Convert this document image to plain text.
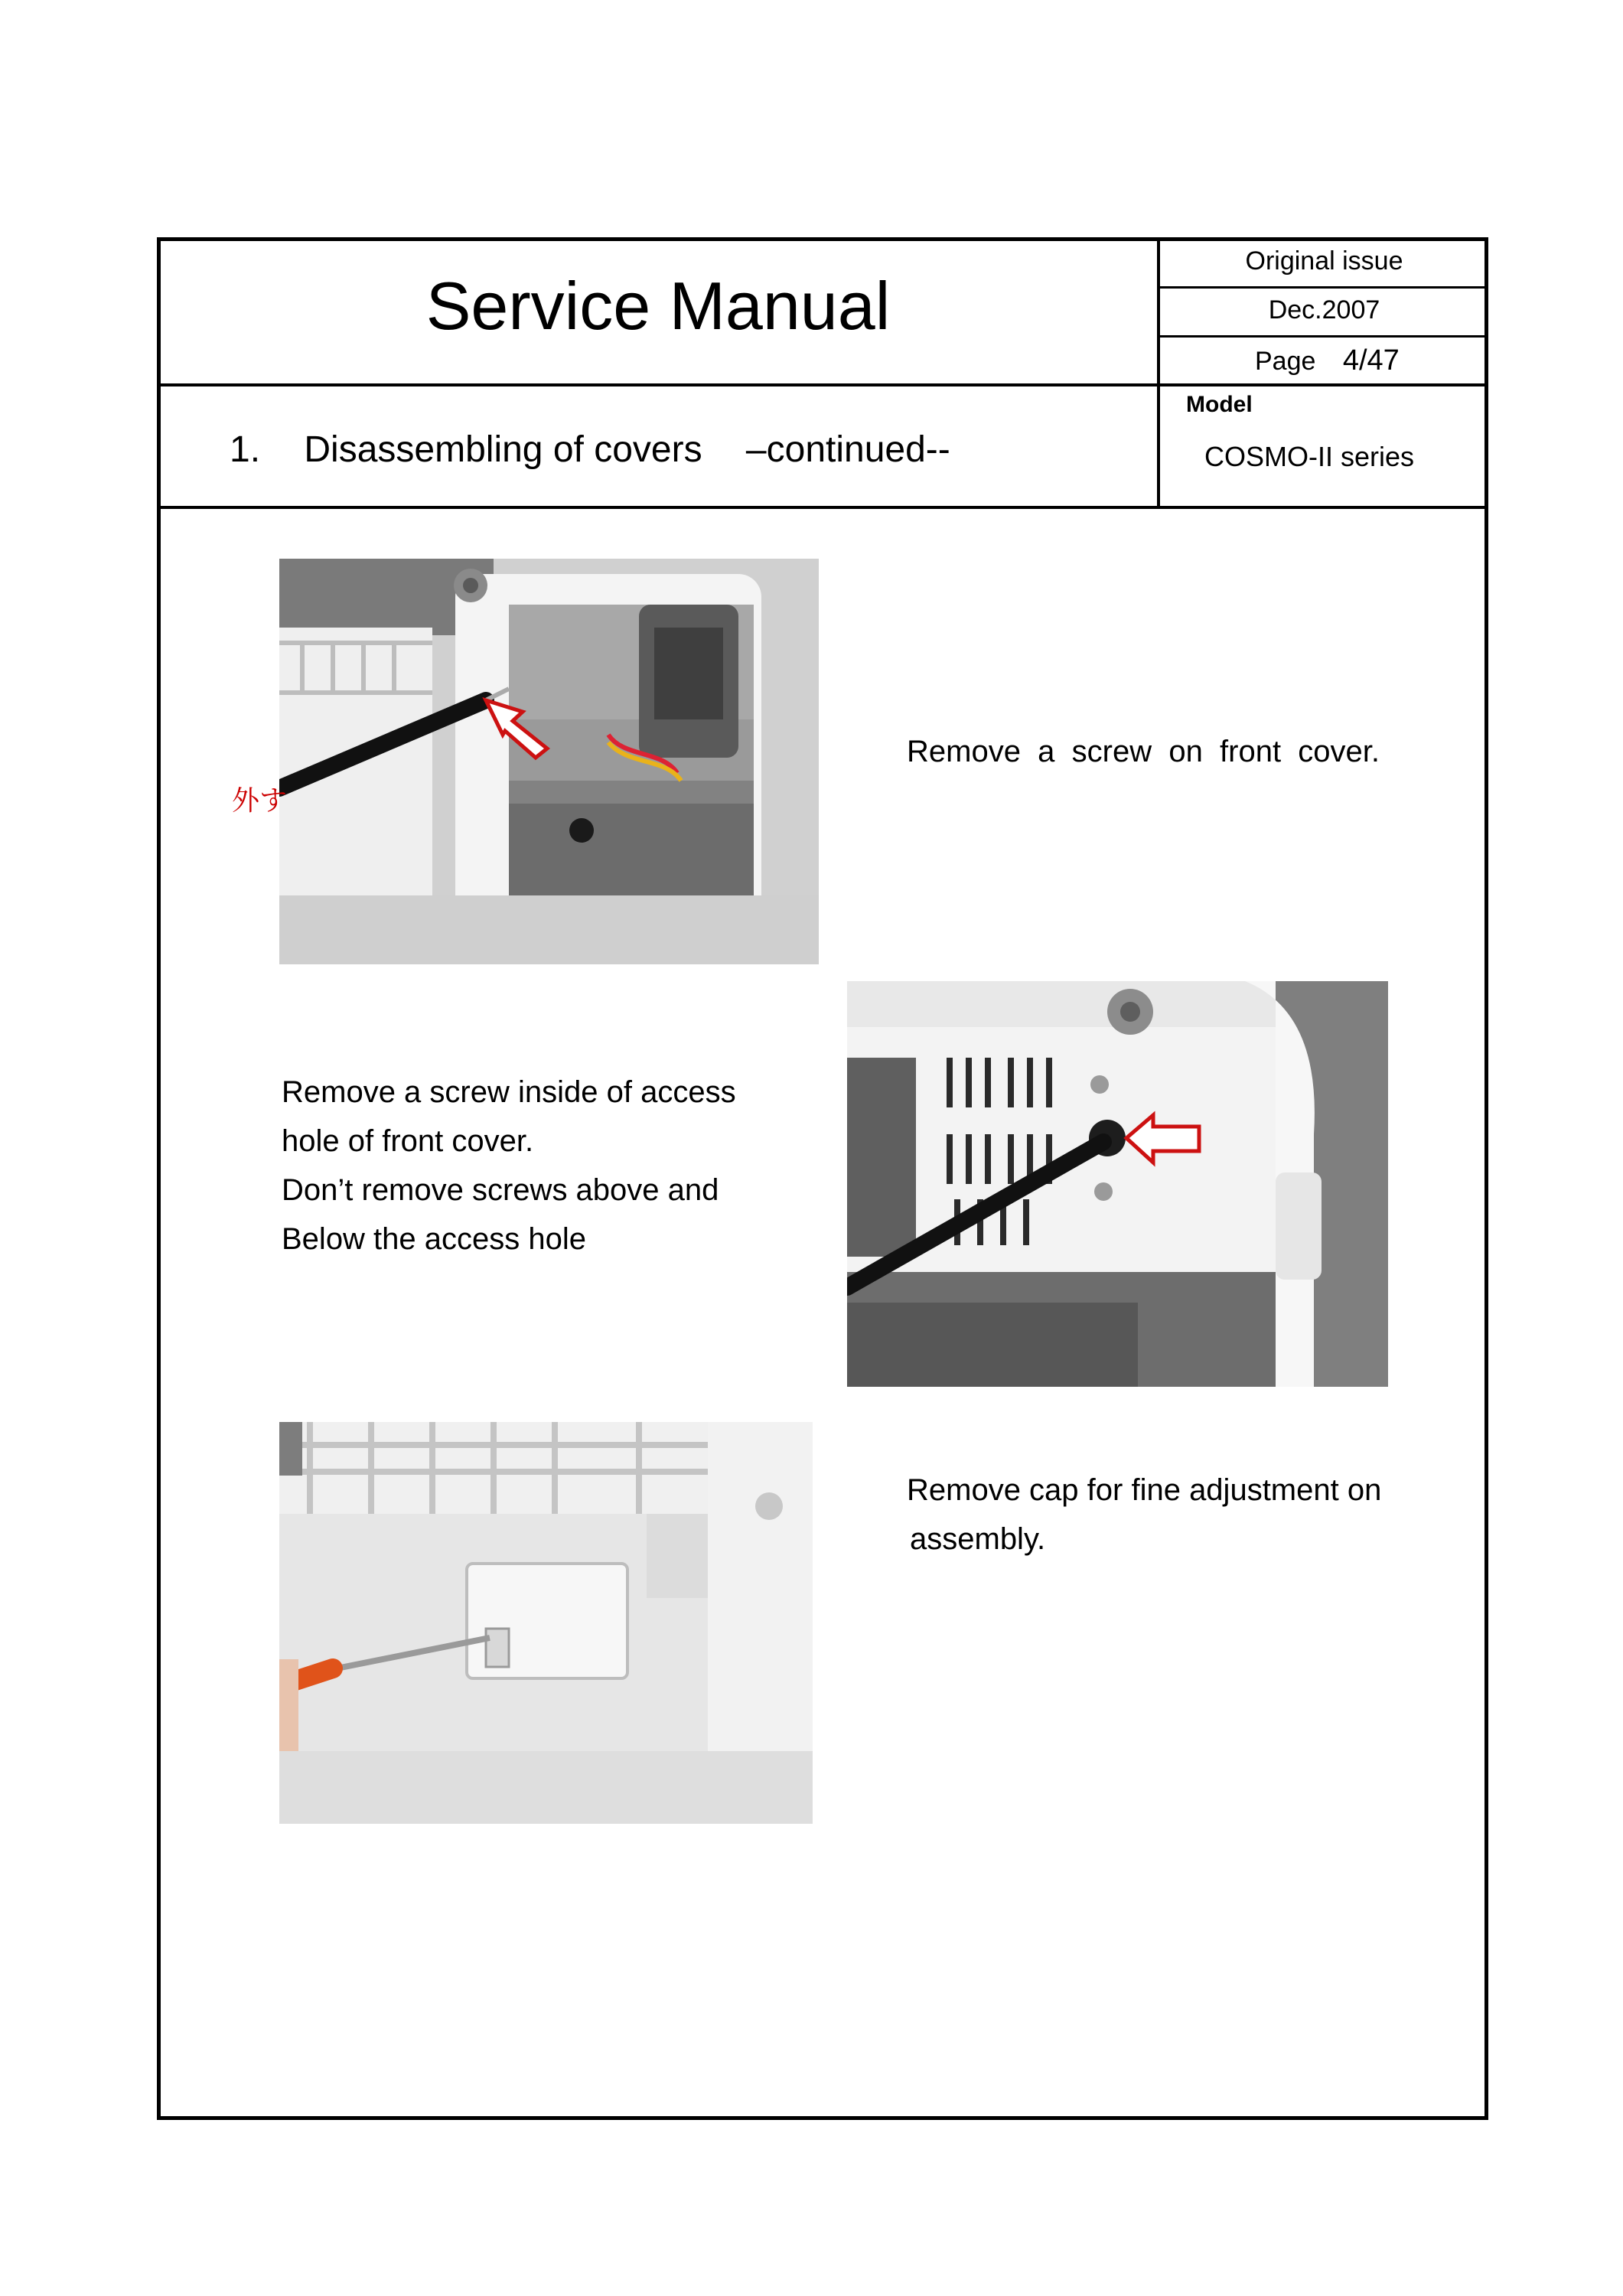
Service Manual
Original issue
Dec.2007
Page 4/47
Model
COSMO-II series
1. Disassembling of covers –continued--
外す
Remove  a  screw  on  front  cover.
Remove a screw inside of access
hole of front cover.
Don’t remove screws above and
Below the access hole
Remove cap for fine adjustment on
assembly.
